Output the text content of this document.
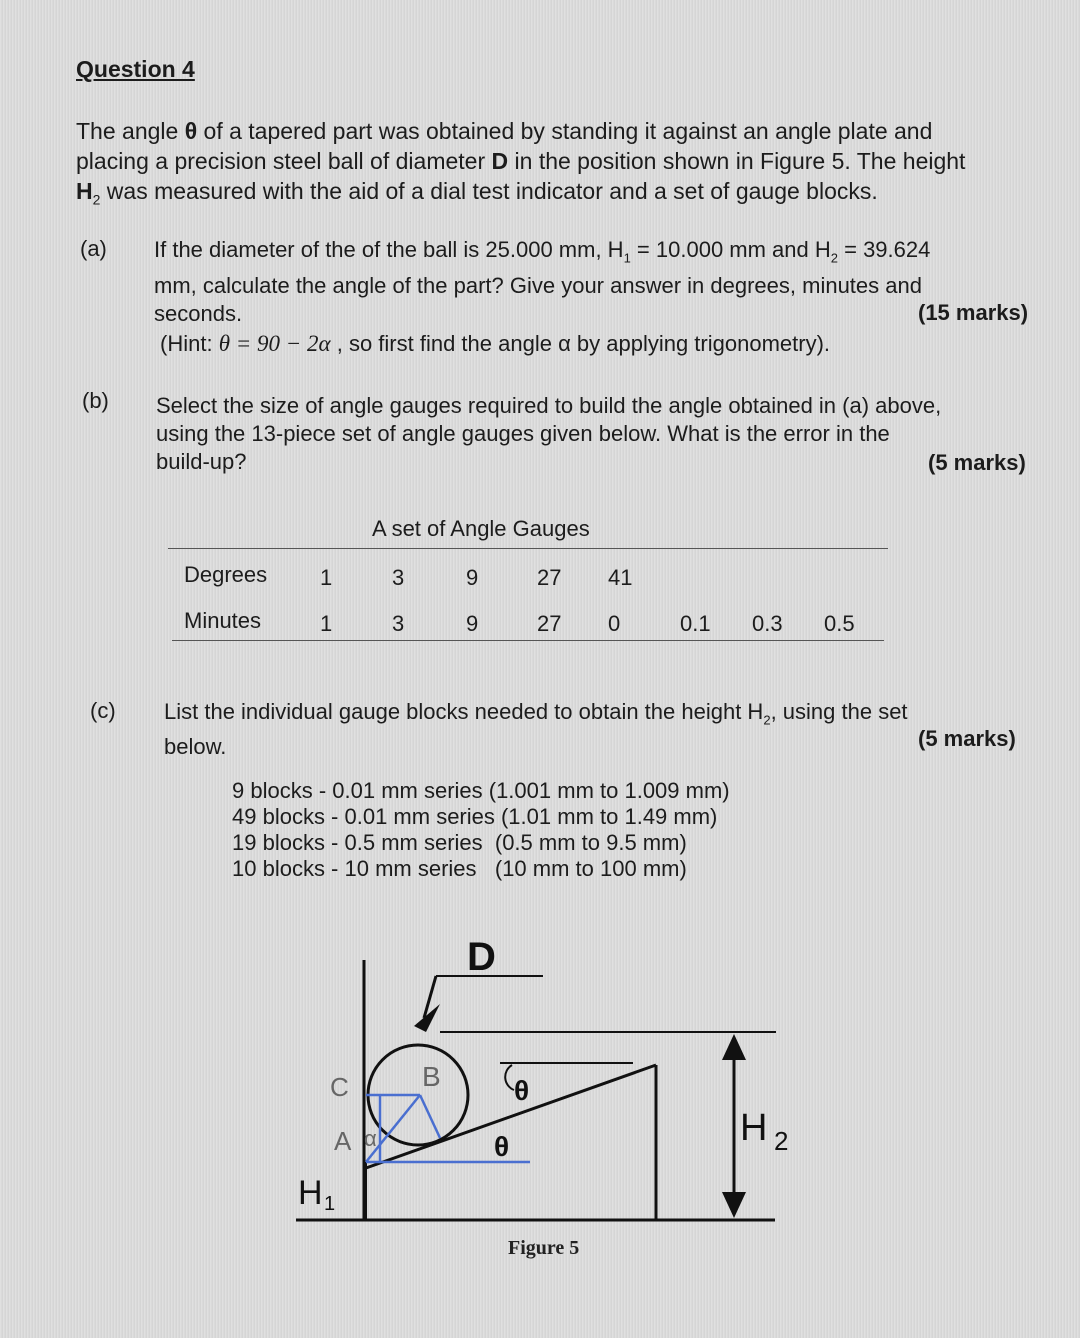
Question 4

The angle θ of a tapered part was obtained by standing it against an angle plate and

placing a precision steel ball of diameter D in the position shown in Figure 5. The height

$H_2$ was measured with the aid of a dial test indicator and a set of gauge blocks.

(a) If the diameter of the of the ball is 25.000 mm, $H_1 = 10.000$ mm and $H_2 = 39.624$
mm, calculate the angle of the part? Give your answer in degrees, minutes and
seconds.	(15 marks)
(Hint: θ = 90 − 2α , so first find the angle α by applying trigonometry).
(b) Select the size of angle gauges required to build the angle obtained in (a) above,
using the 13-piece set of angle gauges given below. What is the error in the
build-up?	(5 marks)
A set of Angle Gauges
Degrees 1	3	9	27 41
Minutes	1	3	9	27 0	0.1 0.3 0.5
(c) List the individual gauge blocks needed to obtain the height $H_2$, using the set
below.	(5 marks)
9 blocks - 0.01 mm series (1.001 mm to 1.009 mm)
49 blocks - 0.01 mm series (1.01 mm to 1.49 mm)
19 blocks - 0.5 mm series  (0.5 mm to 9.5 mm)
10 blocks - 10 mm series   (10 mm to 100 mm)
D
B
C
A α
θ
θ
H 1
H 2
Figure 5
